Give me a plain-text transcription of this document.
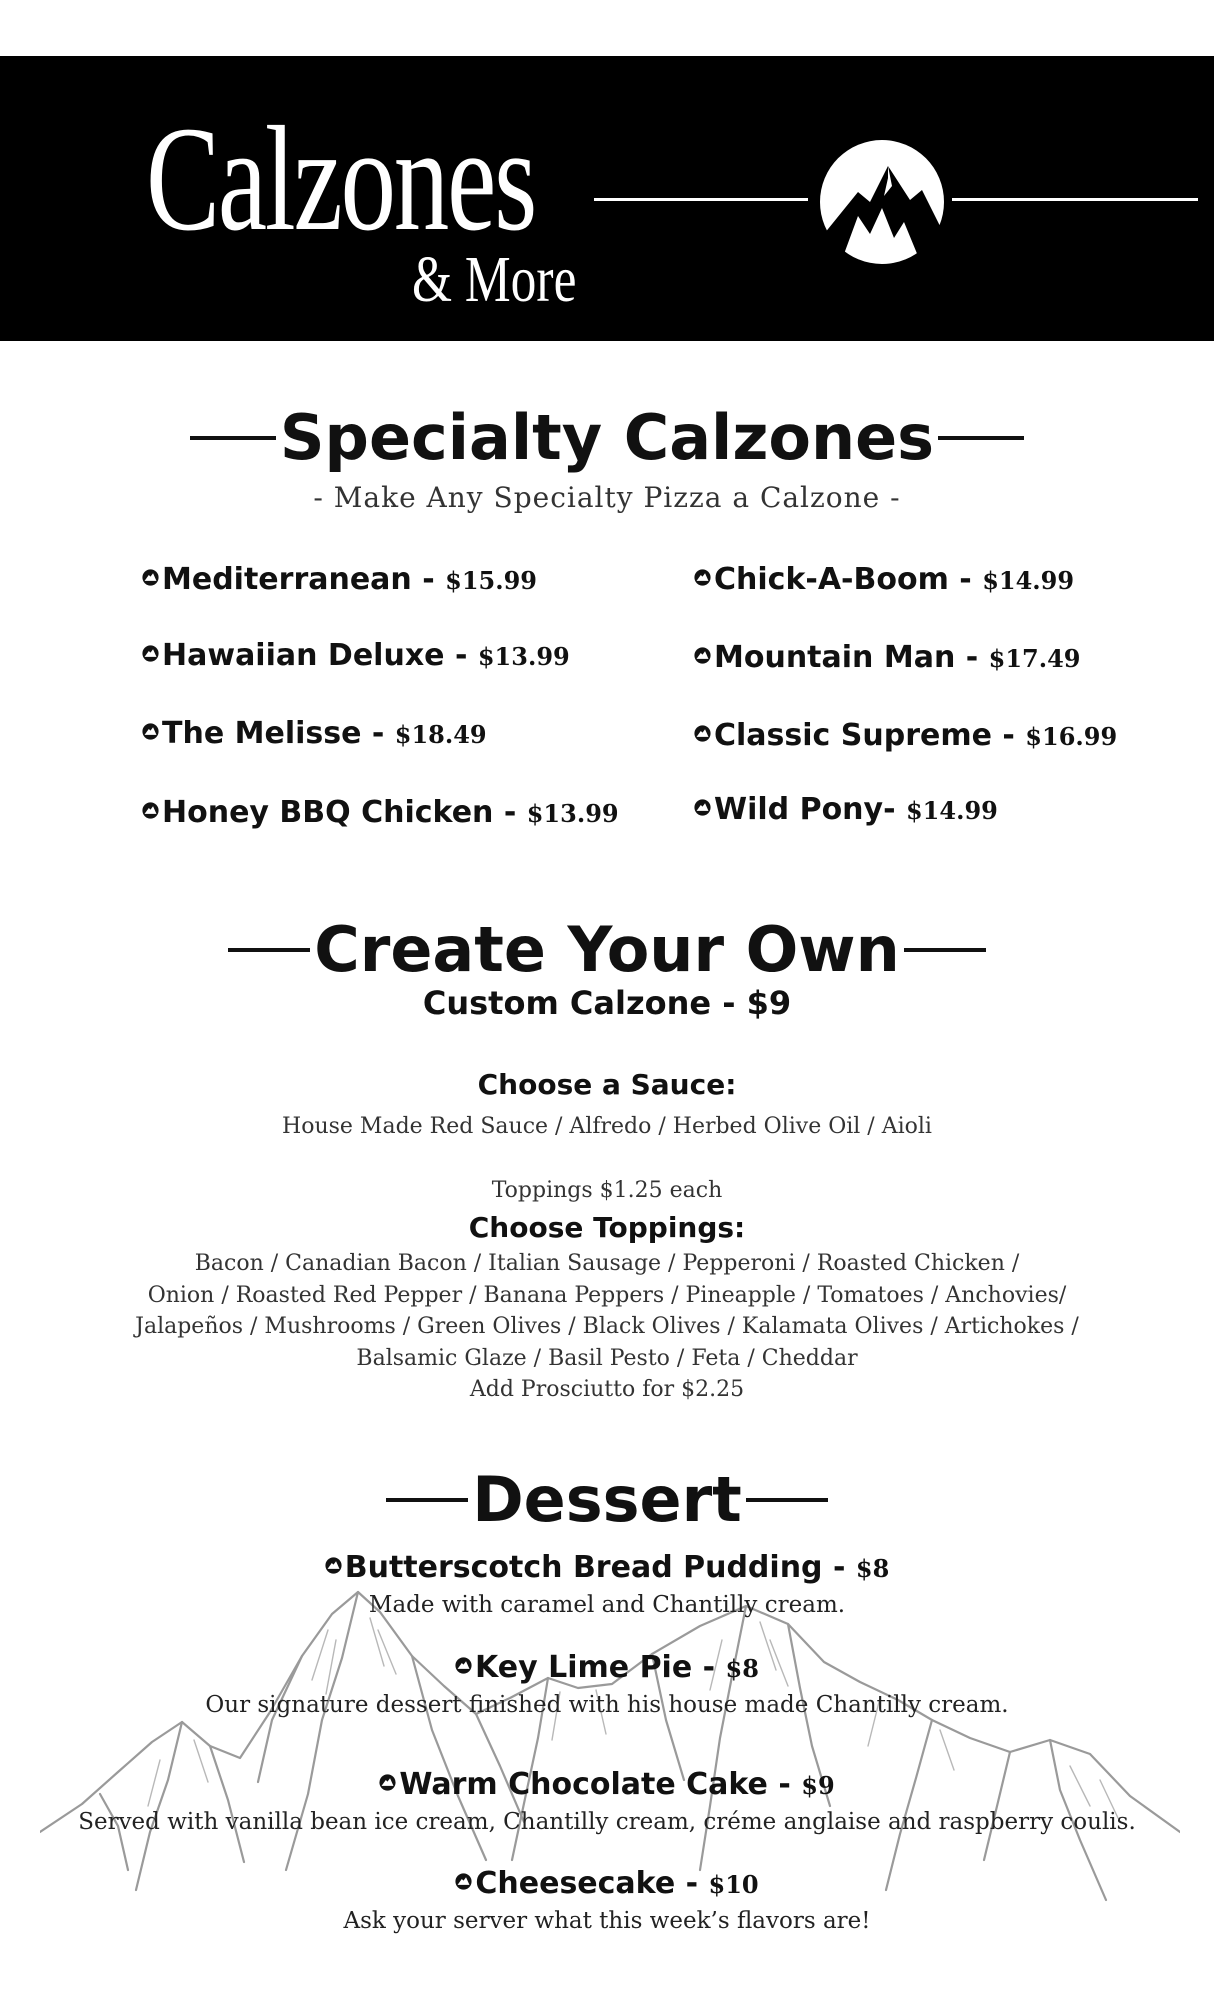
Calzones
& More
Specialty Calzones
- Make Any Specialty Pizza a Calzone -
Mediterranean - $15.99
Hawaiian Deluxe - $13.99
The Melisse - $18.49
Honey BBQ Chicken - $13.99
Chick-A-Boom - $14.99
Mountain Man - $17.49
Classic Supreme - $16.99
Wild Pony- $14.99
Create Your Own
Custom Calzone - $9
Choose a Sauce:
House Made Red Sauce / Alfredo / Herbed Olive Oil / Aioli
Toppings $1.25 each
Choose Toppings:
Bacon / Canadian Bacon / Italian Sausage / Pepperoni / Roasted Chicken /
Onion / Roasted Red Pepper / Banana Peppers / Pineapple / Tomatoes / Anchovies/
Jalapeños / Mushrooms / Green Olives / Black Olives / Kalamata Olives / Artichokes /
Balsamic Glaze / Basil Pesto / Feta / Cheddar
Add Prosciutto for $2.25
Dessert
Butterscotch Bread Pudding - $8
Made with caramel and Chantilly cream.
Key Lime Pie - $8
Our signature dessert finished with his house made Chantilly cream.
Warm Chocolate Cake - $9
Served with vanilla bean ice cream, Chantilly cream, créme anglaise and raspberry coulis.
Cheesecake - $10
Ask your server what this week’s flavors are!
